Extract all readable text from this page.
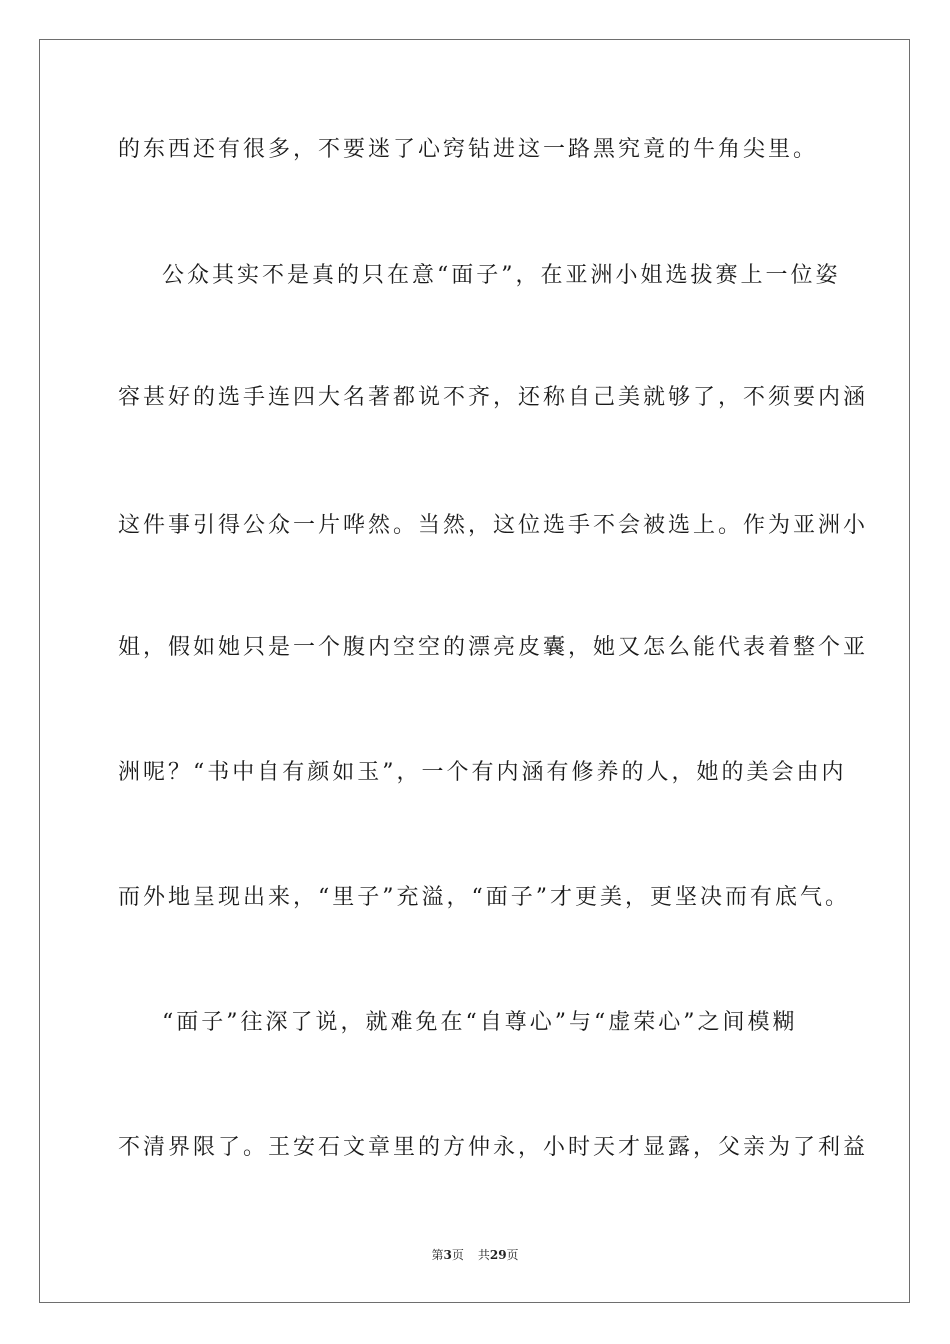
的东西还有很多，不要迷了心窍钻进这一路黑究竟的牛角尖里。
公众其实不是真的只在意“面子”，在亚洲小姐选拔赛上一位姿
容甚好的选手连四大名著都说不齐，还称自己美就够了，不须要内涵
这件事引得公众一片哗然。当然，这位选手不会被选上。作为亚洲小
姐，假如她只是一个腹内空空的漂亮皮囊，她又怎么能代表着整个亚
洲呢？“书中自有颜如玉”，一个有内涵有修养的人，她的美会由内
而外地呈现出来，“里子”充溢，“面子”才更美，更坚决而有底气。
“面子”往深了说，就难免在“自尊心”与“虚荣心”之间模糊
不清界限了。王安石文章里的方仲永，小时天才显露，父亲为了利益
第3页 共29页
